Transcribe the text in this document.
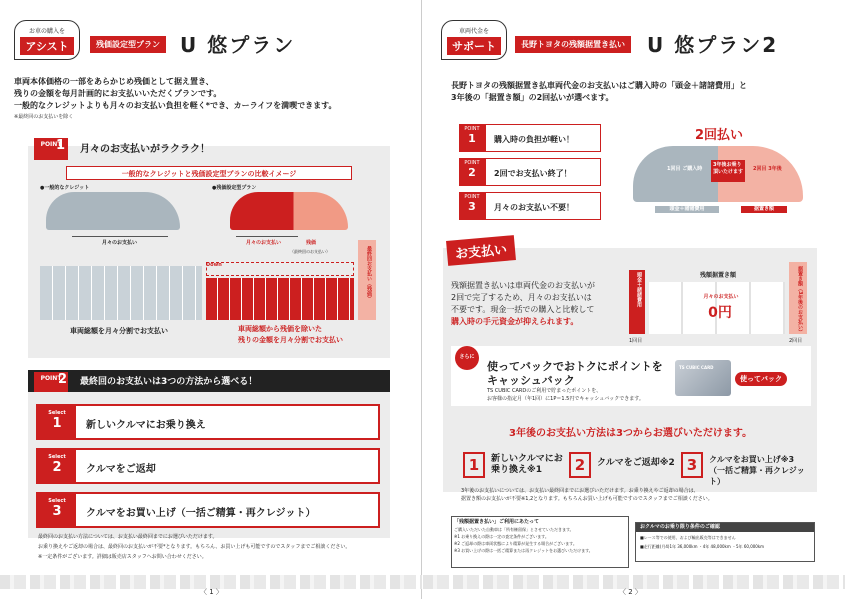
お車の購入を
アシスト	残価設定型プラン	U 悠プラン
車両本体価格の一部をあらかじめ残価として据え置き、
残りの金額を毎月計画的にお支払いいただくプランです。
一般的なクレジットよりも月々のお支払い負担を軽く*でき、カーライフを満喫できます。
※最終回のお支払いを除く
POINT
1 月々のお支払いがラクラク！
一般的なクレジットと残価設定型プランの比較イメージ
●一般的なクレジット	●残価設定型プラン
月々のお支払い	月々のお支払い	残価
（最終回のお支払い）
Down	最終回お支払い（残価）
車両総額を月々分割でお支払い	車両総額から残価を除いた
残りの金額を月々分割でお支払い
最終回のお支払いは3つの方法から選べる！
POINT
2
Select
1	新しいクルマにお乗り換え
Select
2	クルマをご返却
Select
3	クルマをお買い上げ（一括ご精算・再クレジット）
最終回のお支払い方法については、お支払い最終回までにお選びいただけます。
お乗り換えやご返却の場合は、最終回のお支払いが不要*となります。もちろん、お買い上げも可能ですのでスタッフまでご相談ください。
※一定条件がございます。詳細は販売店スタッフへお問い合わせください。
〈 1 〉
車両代金を
サポート	長野トヨタの残額据置き払い	U 悠プラン2
長野トヨタの残額据置き払車両代金のお支払いはご購入時の「頭金＋諸諸費用」と
3年後の「据置き額」の2回払いが選べます。
POINT
1	購入時の負担が軽い！
POINT
2	2回でお支払い終了！
POINT
3	月々のお支払い不要！
2回払い
1回目 ご購入時
3年後お乗り頂いたけます	2回目 3年後
頭金＋諸諸費用	据置き額
お支払い
残額据置き払いは車両代金のお支払いが
2回で完了するため、月々のお支払いは
不要です。現金一括での購入と比較して
購入時の手元資金が抑えられます。
頭金＋諸諸費用	残額据置き額
月々のお支払い
0円	据置き額（3年後のお支払い）
1回目	2回目
さらに
使ってバックでおトクにポイントを
キャッシュバック
TS CUBIC CARDのご利用で貯まったポイントを、
お客様の指定月（年1回）に1P＝1.5円でキャッシュバックできます。
TS CUBIC CARD
使ってバック
3年後のお支払い方法は3つからお選びいただけます。
1	新しいクルマにお乗り換え※1	2	クルマをご返却※2 3	クルマをお買い上げ※3（一括ご精算・再クレジット）
3年後のお支払いについては、お支払い最終回までにお選びいただけます。お乗り換えやご返却の場合は、
据置き額のお支払いが不要※1,2となります。もちろんお買い上げも可能ですのでスタッフまでご相談ください。
「残額据置き払い」ご利用にあたって
ご購入いただいた自動車は「所有権留保」とさせていただきます。
※1 お乗り換えの際は一定の査定条件がございます。
※2 ご返却の際は車両状態により精算が発生する場合がございます。
※3 お買い上げの際は一括ご精算または再クレジットをお選びいただけます。
おクルマのお乗り限り条件のご確認
■レース等での使用、および輸出販売等はできません
■走行距離(月4)1年 36,000km ・4年 48,000km ・5年 60,000km
〈 2 〉
